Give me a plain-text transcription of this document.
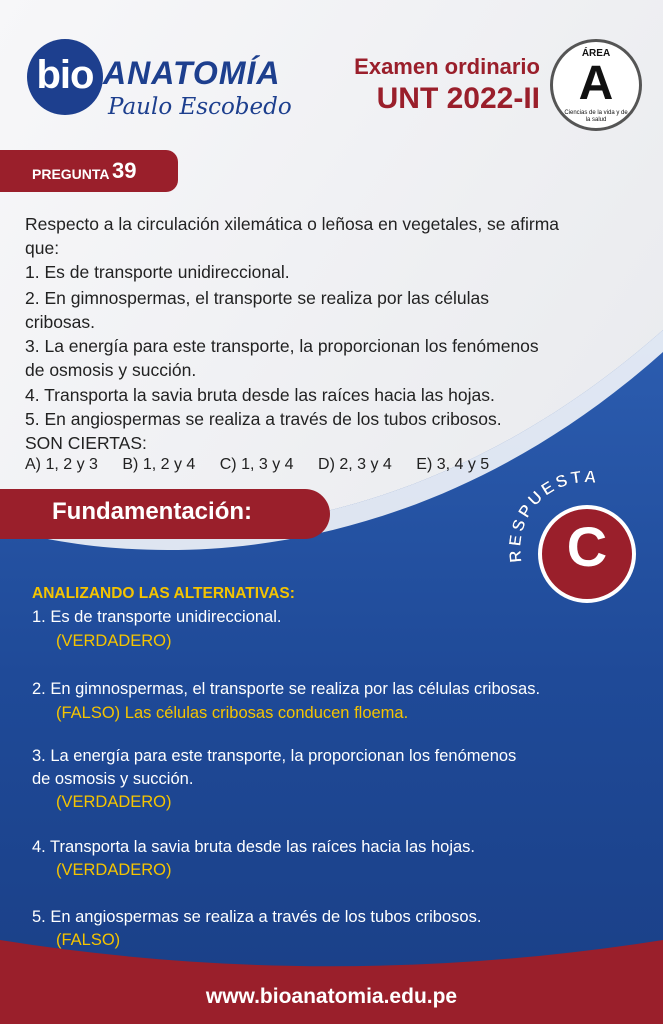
bio ANATOMÍA
Paulo Escobedo
Examen ordinario
UNT 2022-II
ÁREA
A
Ciencias de la vida y de la salud
PREGUNTA 39
Respecto a la circulación xilemática o leñosa en vegetales, se afirma
que:
1. Es de transporte unidireccional.
2. En gimnospermas, el transporte se realiza por las células
cribosas.
3. La energía para este transporte, la proporcionan los fenómenos
de osmosis y succión.
4. Transporta la savia bruta desde las raíces hacia las hojas.
5. En angiospermas se realiza a través de los tubos cribosos.
SON CIERTAS:
A) 1, 2 y 3 B) 1, 2 y 4 C) 1, 3 y 4 D) 2, 3 y 4 E) 3, 4 y 5
Fundamentación:
RESPUESTA
C
ANALIZANDO LAS ALTERNATIVAS:
1. Es de transporte unidireccional.
(VERDADERO)
2. En gimnospermas, el transporte se realiza por las células cribosas.
(FALSO) Las células cribosas conducen floema.
3. La energía para este transporte, la proporcionan los fenómenos
de osmosis y succión.
(VERDADERO)
4. Transporta la savia bruta desde las raíces hacia las hojas.
(VERDADERO)
5. En angiospermas se realiza a través de los tubos cribosos.
(FALSO)
www.bioanatomia.edu.pe
